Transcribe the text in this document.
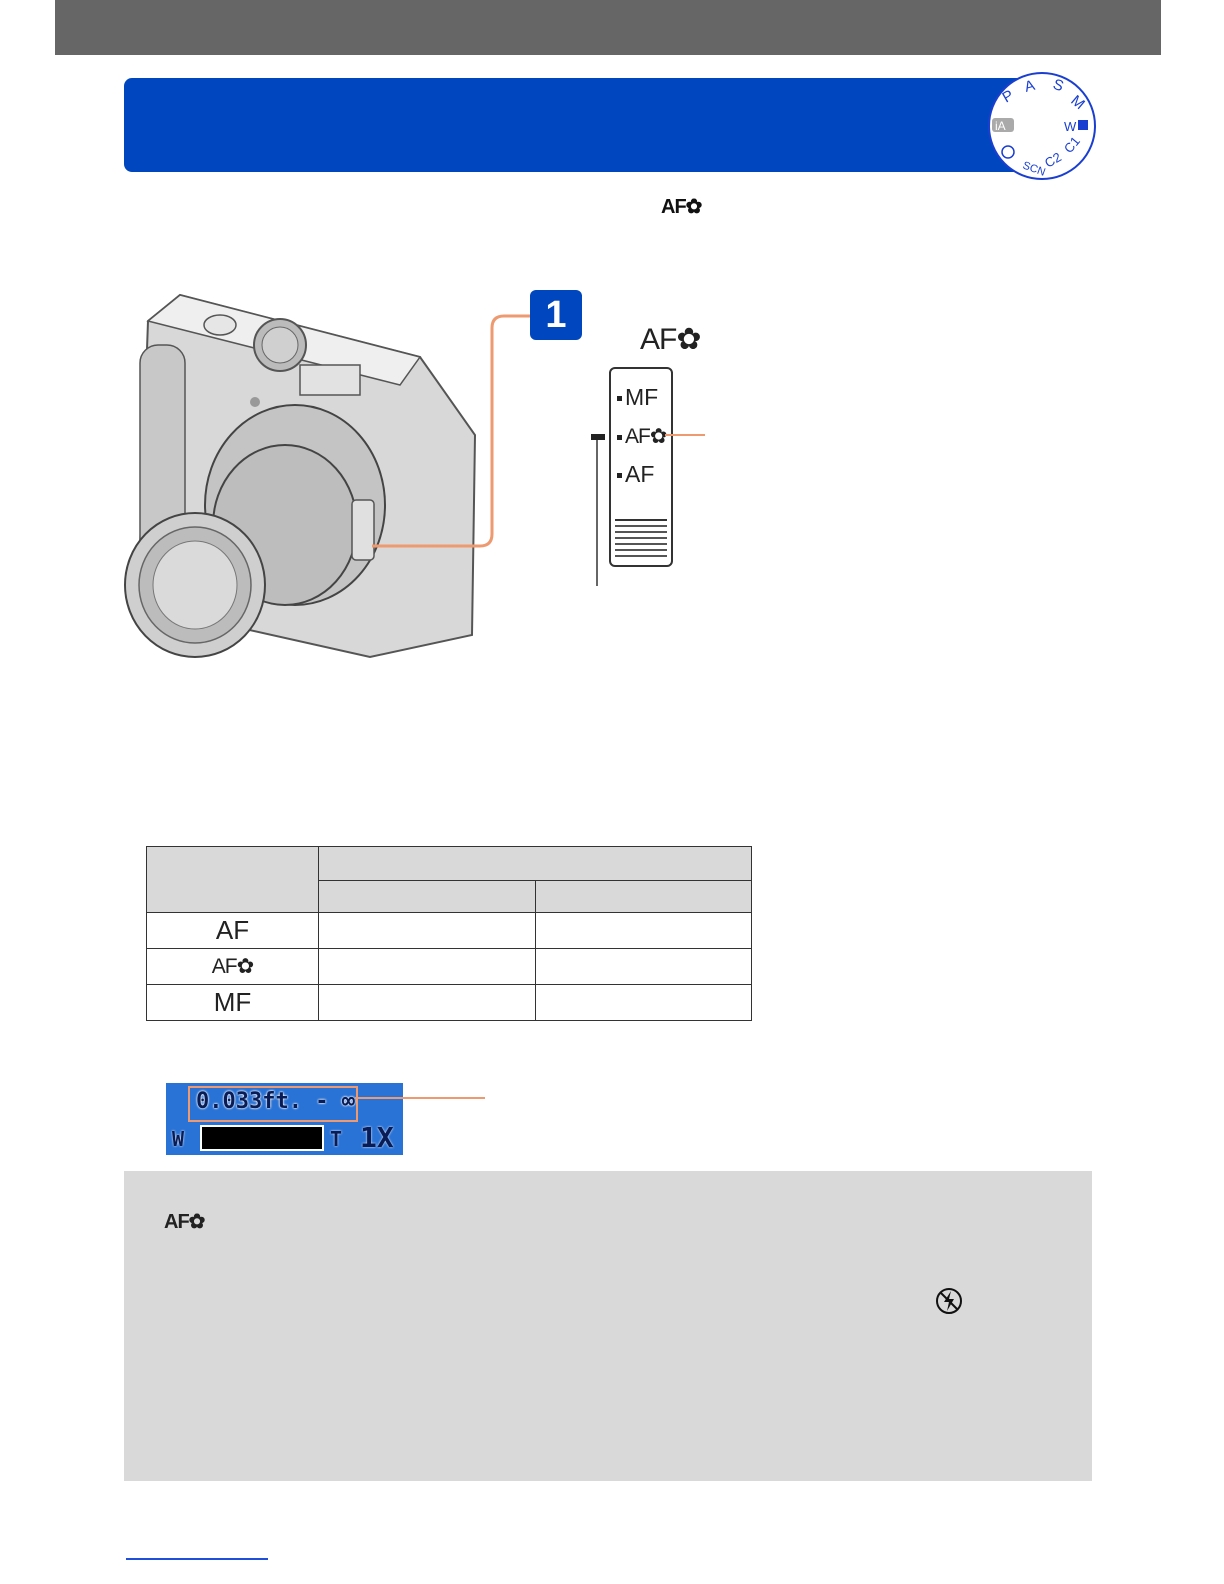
P
A S
M
iA	W
C1
C2
SCN
AF✿
1
AF✿
MF
AF✿
AF

AF		
AF✿		
MF		
0.033ft. - ∞
W	T 1X
AF✿
